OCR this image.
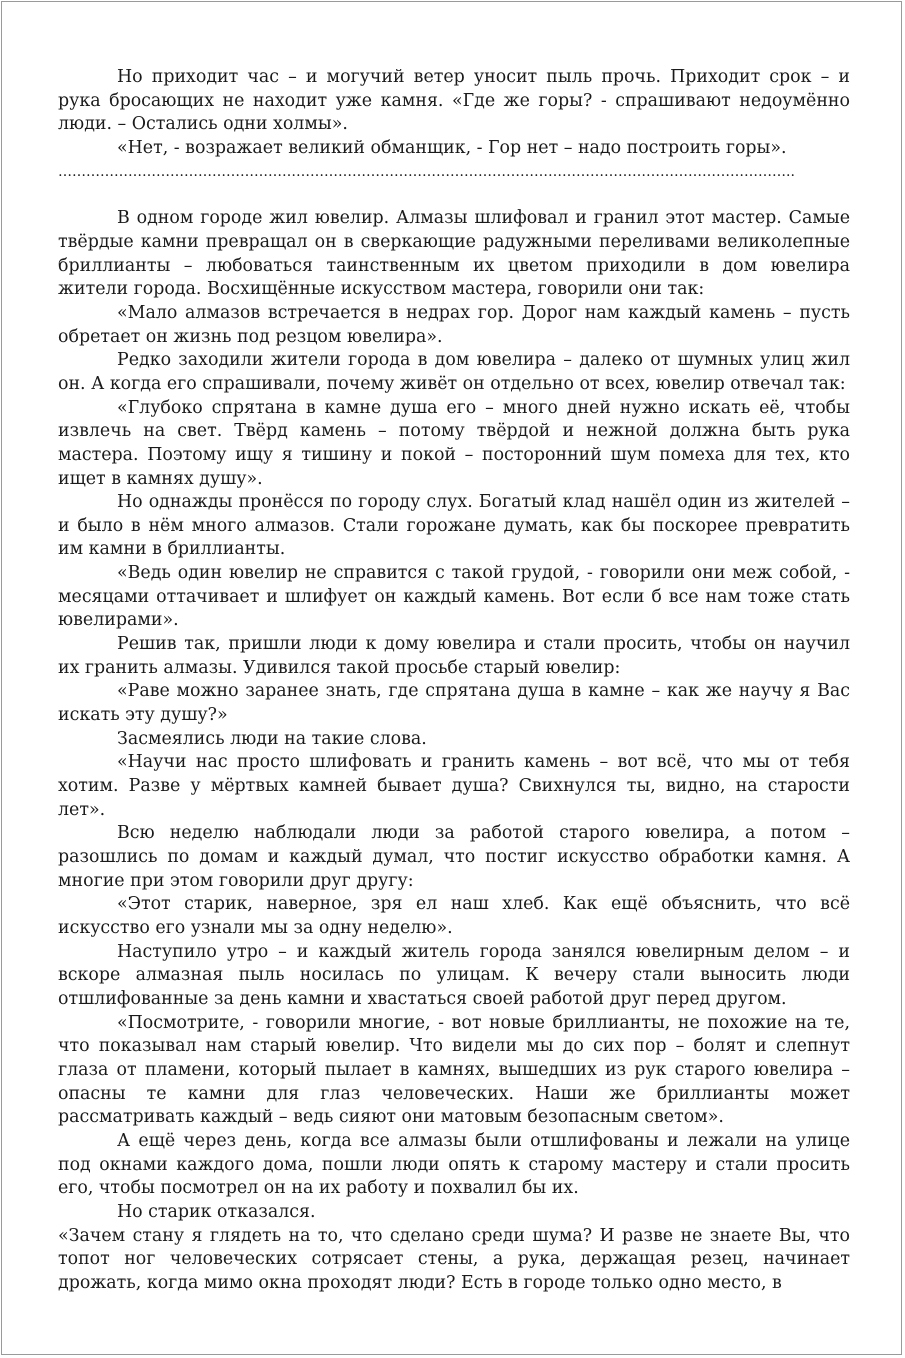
Но приходит час – и могучий ветер уносит пыль прочь. Приходит срок – и рука бросающих не находит уже камня. «Где же горы? - спрашивают недоумённо люди. – Остались одни холмы».

«Нет, - возражает великий обманщик, - Гор нет – надо построить горы».

…………………………………………………………………………………………………………………………………………..

В одном городе жил ювелир. Алмазы шлифовал и гранил этот мастер. Самые твёрдые камни превращал он в сверкающие радужными переливами великолепные бриллианты – любоваться таинственным их цветом приходили в дом ювелира жители города. Восхищённые искусством мастера, говорили они так:

«Мало алмазов встречается в недрах гор. Дорог нам каждый камень – пусть обретает он жизнь под резцом ювелира».

Редко заходили жители города в дом ювелира – далеко от шумных улиц жил он. А когда его спрашивали, почему живёт он отдельно от всех, ювелир отвечал так:

«Глубоко спрятана в камне душа его – много дней нужно искать её, чтобы извлечь на свет. Твёрд камень – потому твёрдой и нежной должна быть рука мастера. Поэтому ищу я тишину и покой – посторонний шум помеха для тех, кто ищет в камнях душу».

Но однажды пронёсся по городу слух. Богатый клад нашёл один из жителей – и было в нём много алмазов. Стали горожане думать, как бы поскорее превратить им камни в бриллианты.

«Ведь один ювелир не справится с такой грудой, - говорили они меж собой, - месяцами оттачивает и шлифует он каждый камень. Вот если б все нам тоже стать ювелирами».

Решив так, пришли люди к дому ювелира и стали просить, чтобы он научил их гранить алмазы. Удивился такой просьбе старый ювелир:

«Раве можно заранее знать, где спрятана душа в камне – как же научу я Вас искать эту душу?»

Засмеялись люди на такие слова.

«Научи нас просто шлифовать и гранить камень – вот всё, что мы от тебя хотим. Разве у мёртвых камней бывает душа? Свихнулся ты, видно, на старости лет».

Всю неделю наблюдали люди за работой старого ювелира, а потом – разошлись по домам и каждый думал, что постиг искусство обработки камня. А многие при этом говорили друг другу:

«Этот старик, наверное, зря ел наш хлеб. Как ещё объяснить, что всё искусство его узнали мы за одну неделю».

Наступило утро – и каждый житель города занялся ювелирным делом – и вскоре алмазная пыль носилась по улицам. К вечеру стали выносить люди отшлифованные за день камни и хвастаться своей работой друг перед другом.

«Посмотрите, - говорили многие, - вот новые бриллианты, не похожие на те, что показывал нам старый ювелир. Что видели мы до сих пор – болят и слепнут глаза от пламени, который пылает в камнях, вышедших из рук старого ювелира – опасны те камни для глаз человеческих. Наши же бриллианты может рассматривать каждый – ведь сияют они матовым безопасным светом».

А ещё через день, когда все алмазы были отшлифованы и лежали на улице под окнами каждого дома, пошли люди опять к старому мастеру и стали просить его, чтобы посмотрел он на их работу и похвалил бы их.

Но старик отказался.

«Зачем стану я глядеть на то, что сделано среди шума? И разве не знаете Вы, что топот ног человеческих сотрясает стены, а рука, держащая резец, начинает дрожать, когда мимо окна проходят люди? Есть в городе только одно место, в
